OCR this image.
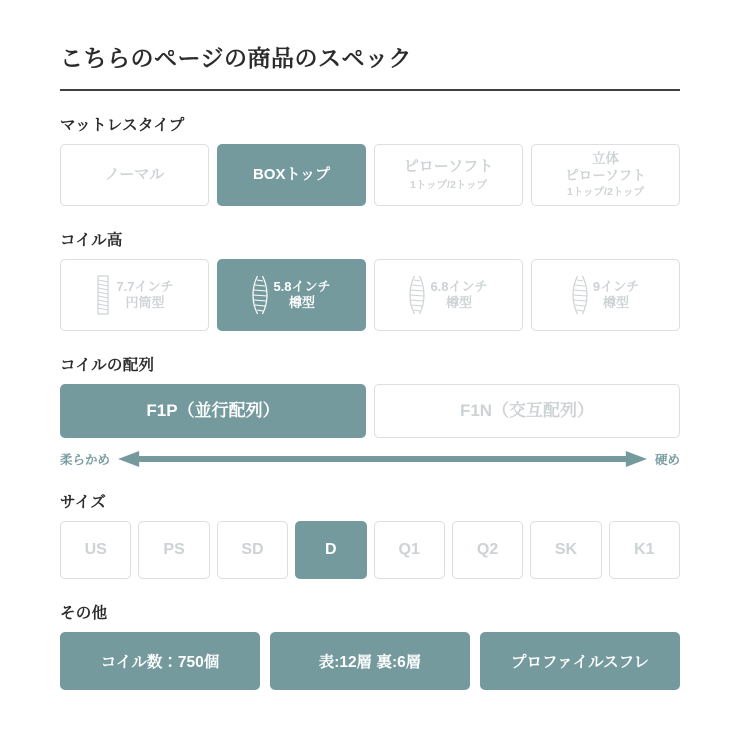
こちらのページの商品のスペック
マットレスタイプ
ノーマル	BOXトップ	ピローソフト
1トップ/2トップ
立体
ピローソフト
1トップ/2トップ
コイル高
7.7インチ
円筒型
5.8インチ
樽型
6.8インチ
樽型
9インチ
樽型
コイルの配列
F1P（並行配列）	F1N（交互配列）
柔らかめ	硬め
サイズ
US	PS	SD	D	Q1	Q2	SK	K1
その他
コイル数：750個	表:12層 裏:6層	プロファイルスフレ
